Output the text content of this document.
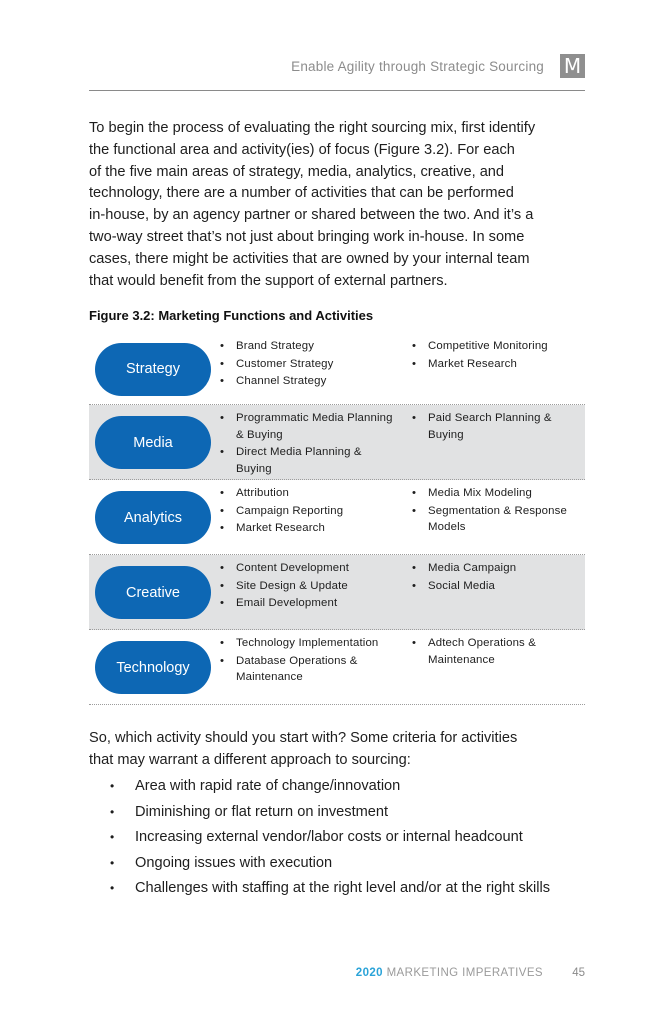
Enable Agility through Strategic Sourcing M

To begin the process of evaluating the right sourcing mix, first identify
the functional area and activity(ies) of focus (Figure 3.2). For each
of the five main areas of strategy, media, analytics, creative, and
technology, there are a number of activities that can be performed
in-house, by an agency partner or shared between the two. And it’s a
two-way street that’s not just about bringing work in-house. In some
cases, there might be activities that are owned by your internal team
that would benefit from the support of external partners.

Figure 3.2: Marketing Functions and Activities
Strategy
• Brand Strategy
• Customer Strategy
• Channel Strategy
• Competitive Monitoring
• Market Research
Media
• Programmatic Media Planning & Buying
• Direct Media Planning & Buying
• Paid Search Planning & Buying
Analytics
• Attribution
• Campaign Reporting
• Market Research
• Media Mix Modeling
• Segmentation & Response Models
Creative
• Content Development
• Site Design & Update
• Email Development
• Media Campaign
• Social Media
Technology
• Technology Implementation
• Database Operations & Maintenance
• Adtech Operations & Maintenance

So, which activity should you start with? Some criteria for activities
that may warrant a different approach to sourcing:

• Area with rapid rate of change/innovation
• Diminishing or flat return on investment
• Increasing external vendor/labor costs or internal headcount
• Ongoing issues with execution
• Challenges with staffing at the right level and/or at the right skills
2020 MARKETING IMPERATIVES	45
